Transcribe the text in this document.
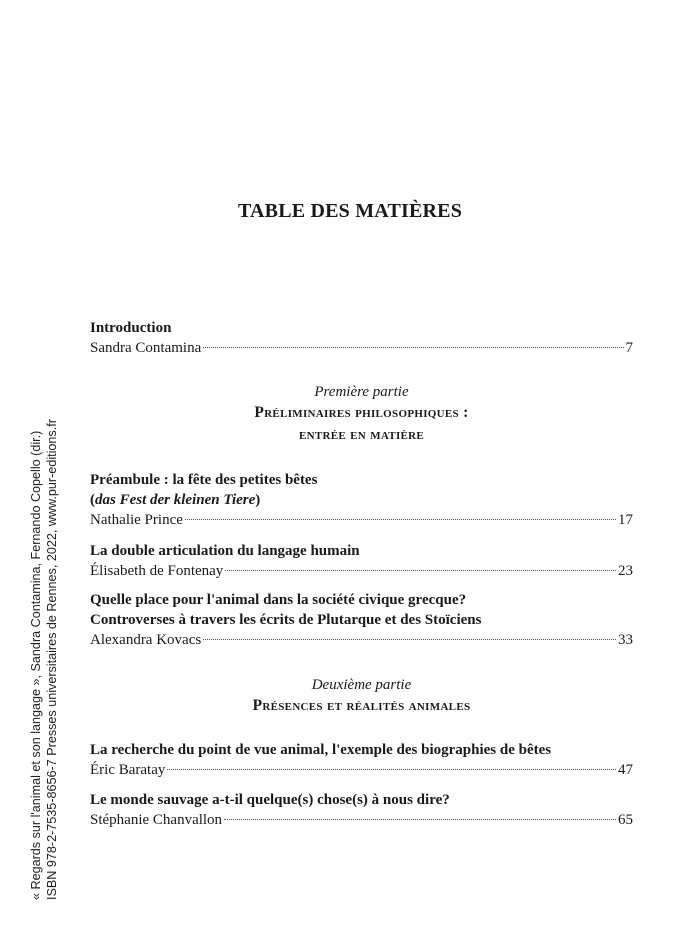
« Regards sur l'animal et son langage », Sandra Contamina, Fernando Copello (dir.) ISBN 978-2-7535-8656-7 Presses universitaires de Rennes, 2022, www.pur-editions.fr
TABLE DES MATIÈRES
Introduction
Sandra Contamina	7
Première partie
Préliminaires philosophiques :
entrée en matière
Préambule : la fête des petites bêtes
(das Fest der kleinen Tiere)
Nathalie Prince	17
La double articulation du langage humain
Élisabeth de Fontenay	23
Quelle place pour l'animal dans la société civique grecque?
Controverses à travers les écrits de Plutarque et des Stoïciens
Alexandra Kovacs	33
Deuxième partie
Présences et réalités animales
La recherche du point de vue animal, l'exemple des biographies de bêtes
Éric Baratay	47
Le monde sauvage a-t-il quelque(s) chose(s) à nous dire?
Stéphanie Chanvallon	65
